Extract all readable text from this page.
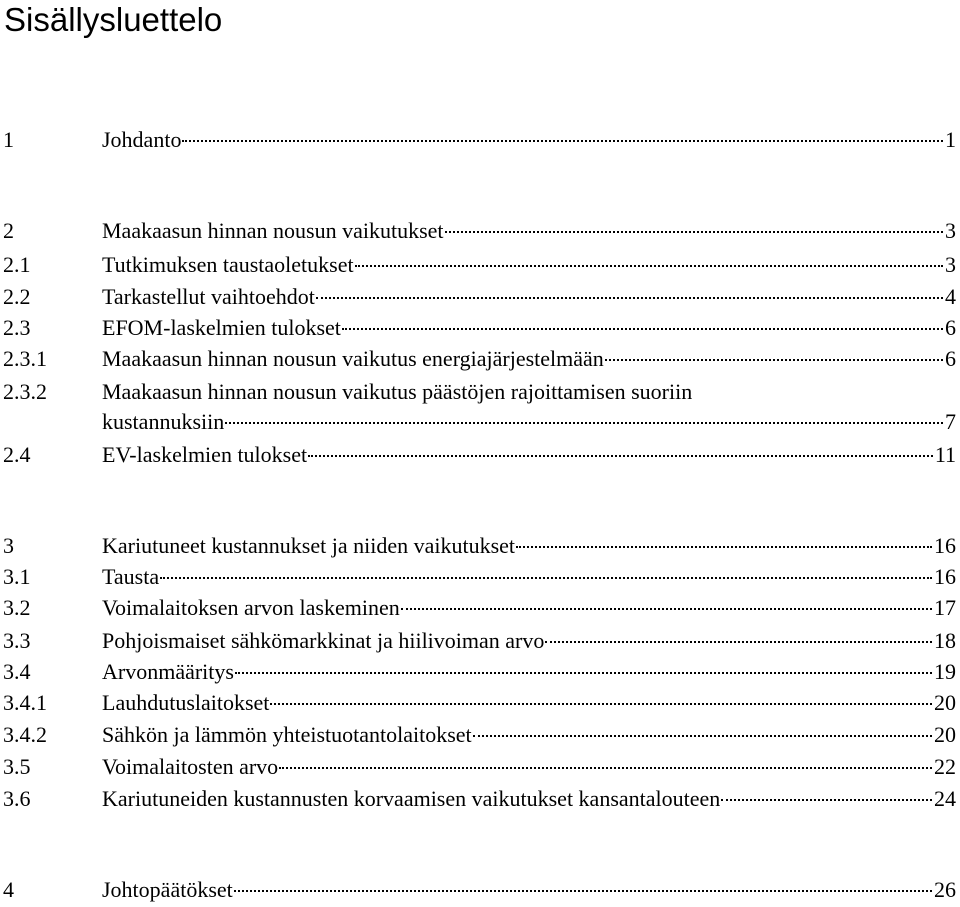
Sisällysluettelo
1	Johdanto	1
2	Maakaasun hinnan nousun vaikutukset	3
2.1	Tutkimuksen taustaoletukset	3
2.2	Tarkastellut vaihtoehdot	4
2.3	EFOM-laskelmien tulokset	6
2.3.1	Maakaasun hinnan nousun vaikutus energiajärjestelmään	6
2.3.2	Maakaasun hinnan nousun vaikutus päästöjen rajoittamisen suoriin
kustannuksiin	7
2.4	EV-laskelmien tulokset	11
3	Kariutuneet kustannukset ja niiden vaikutukset	16
3.1	Tausta	16
3.2	Voimalaitoksen arvon laskeminen	17
3.3	Pohjoismaiset sähkömarkkinat ja hiilivoiman arvo	18
3.4	Arvonmääritys	19
3.4.1	Lauhdutuslaitokset	20
3.4.2	Sähkön ja lämmön yhteistuotantolaitokset	20
3.5	Voimalaitosten arvo	22
3.6	Kariutuneiden kustannusten korvaamisen vaikutukset kansantalouteen	24
4	Johtopäätökset	26
